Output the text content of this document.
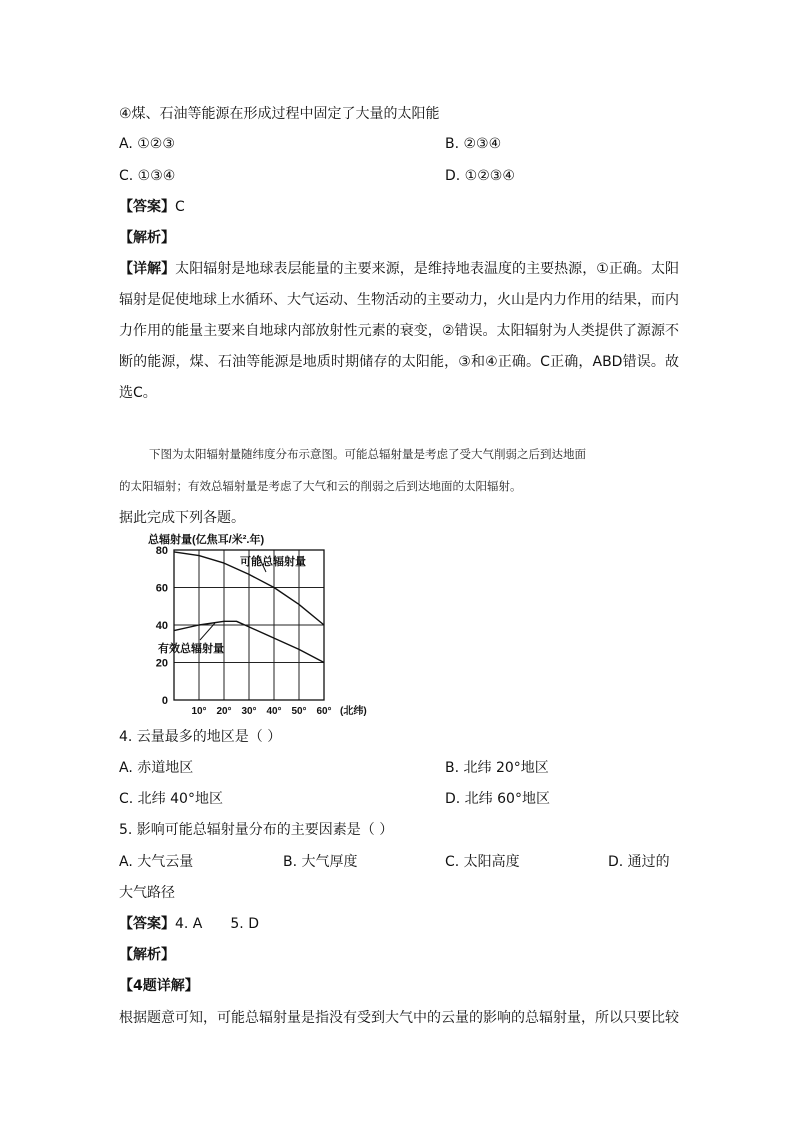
④煤、石油等能源在形成过程中固定了大量的太阳能
A. ①②③	B. ②③④
C. ①③④	D. ①②③④
【答案】C
【解析】
【详解】太阳辐射是地球表层能量的主要来源，是维持地表温度的主要热源，①正确。太阳辐射是促使地球上水循环、大气运动、生物活动的主要动力，火山是内力作用的结果，而内力作用的能量主要来自地球内部放射性元素的衰变，②错误。太阳辐射为人类提供了源源不断的能源，煤、石油等能源是地质时期储存的太阳能，③和④正确。C正确，ABD错误。故选C。
下图为太阳辐射量随纬度分布示意图。可能总辐射量是考虑了受大气削弱之后到达地面
的太阳辐射；有效总辐射量是考虑了大气和云的削弱之后到达地面的太阳辐射。
据此完成下列各题。
80
60
40
20
0
10° 20° 30° 40° 50° 60°
总辐射量(亿焦耳/米².年)
(北纬)
可能总辐射量
有效总辐射量
4. 云量最多的地区是（ ）
A. 赤道地区	B. 北纬 20°地区
C. 北纬 40°地区	D. 北纬 60°地区
5. 影响可能总辐射量分布的主要因素是（ ）
A. 大气云量	B. 大气厚度	C. 太阳高度	D. 通过的
大气路径
【答案】4. A 5. D
【解析】
【4题详解】
根据题意可知，可能总辐射量是指没有受到大气中的云量的影响的总辐射量，所以只要比较
